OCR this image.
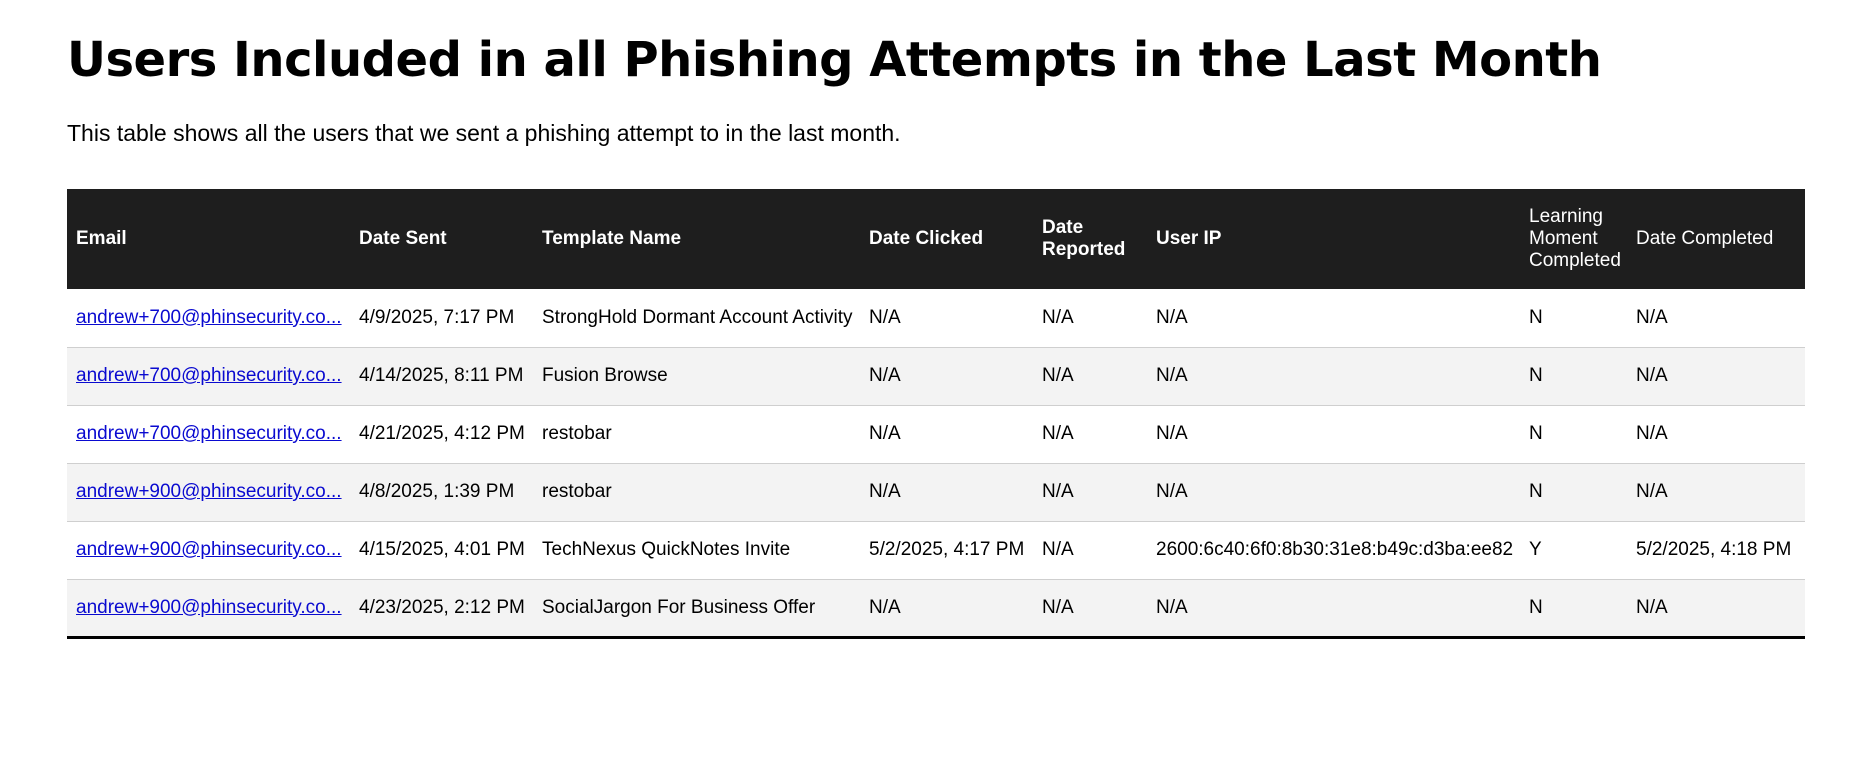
Users Included in all Phishing Attempts in the Last Month

This table shows all the users that we sent a phishing attempt to in the last month.

Email	Date Sent	Template Name	Date Clicked	Date Reported	User IP	Learning Moment Completed	Date Completed
andrew+700@phinsecurity.co...	4/9/2025, 7:17 PM	StrongHold Dormant Account Activity	N/A	N/A	N/A	N	N/A
andrew+700@phinsecurity.co...	4/14/2025, 8:11 PM	Fusion Browse	N/A	N/A	N/A	N	N/A
andrew+700@phinsecurity.co...	4/21/2025, 4:12 PM	restobar	N/A	N/A	N/A	N	N/A
andrew+900@phinsecurity.co...	4/8/2025, 1:39 PM	restobar	N/A	N/A	N/A	N	N/A
andrew+900@phinsecurity.co...	4/15/2025, 4:01 PM	TechNexus QuickNotes Invite	5/2/2025, 4:17 PM	N/A	2600:6c40:6f0:8b30:31e8:b49c:d3ba:ee82	Y	5/2/2025, 4:18 PM
andrew+900@phinsecurity.co...	4/23/2025, 2:12 PM	SocialJargon For Business Offer	N/A	N/A	N/A	N	N/A
